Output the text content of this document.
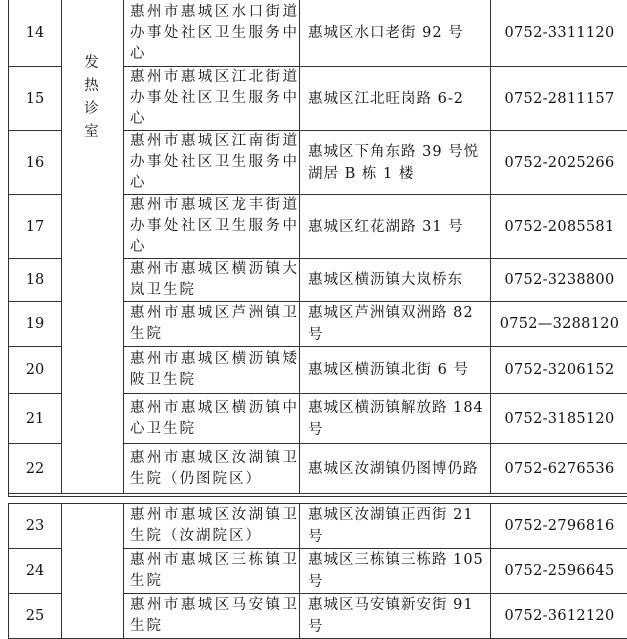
14	发热诊室	惠州市惠城区水口街道办事处社区卫生服务中心	惠城区水口老街 92 号	0752-3311120
15		惠州市惠城区江北街道办事处社区卫生服务中心	惠城区江北旺岗路 6-2	0752-2811157
16		惠州市惠城区江南街道办事处社区卫生服务中心	惠城区下角东路 39 号悦湖居 B 栋 1 楼	0752-2025266
17		惠州市惠城区龙丰街道办事处社区卫生服务中心	惠城区红花湖路 31 号	0752-2085581
18		惠州市惠城区横沥镇大岚卫生院	惠城区横沥镇大岚桥东	0752-3238800
19		惠州市惠城区芦洲镇卫生院	惠城区芦洲镇双洲路 82 号	0752—3288120
20		惠州市惠城区横沥镇矮陂卫生院	惠城区横沥镇北街 6 号	0752-3206152
21		惠州市惠城区横沥镇中心卫生院	惠城区横沥镇解放路 184 号	0752-3185120
22		惠州市惠城区汝湖镇卫生院（仍图院区）	惠城区汝湖镇仍图博仍路	0752-6276536
23		惠州市惠城区汝湖镇卫生院（汝湖院区）	惠城区汝湖镇正西街 21 号	0752-2796816
24		惠州市惠城区三栋镇卫生院	惠城区三栋镇三栋路 105 号	0752-2596645
25		惠州市惠城区马安镇卫生院	惠城区马安镇新安街 91 号	0752-3612120
